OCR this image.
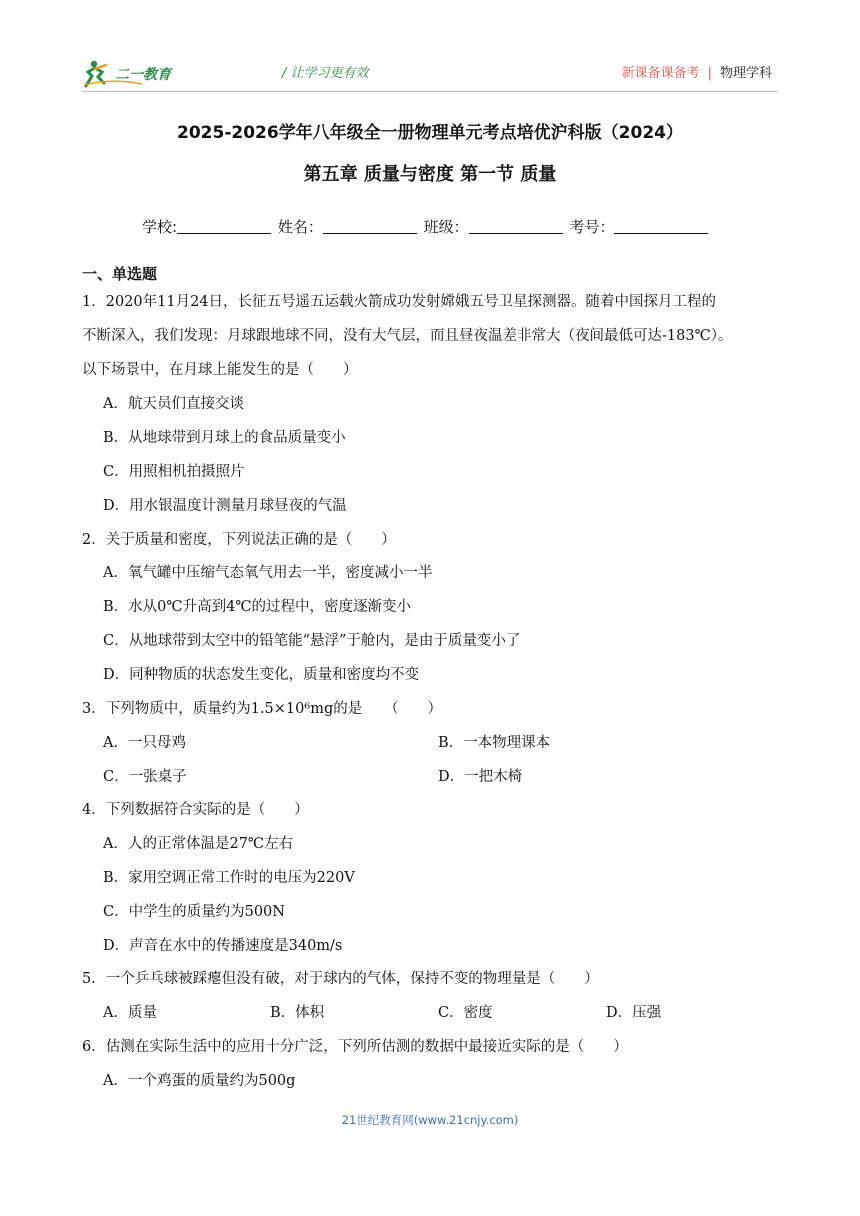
二一教育	/ 让学习更有效	新课备课备考 | 物理学科
2025-2026学年八年级全一册物理单元考点培优沪科版（2024）
第五章 质量与密度 第一节 质量
学校:	姓名：	班级：	考号：
一、单选题
1．2020年11月24日，长征五号遥五运载火箭成功发射嫦娥五号卫星探测器。随着中国探月工程的
不断深入，我们发现：月球跟地球不同，没有大气层，而且昼夜温差非常大（夜间最低可达-183℃）。
以下场景中，在月球上能发生的是（　　）
A．航天员们直接交谈
B．从地球带到月球上的食品质量变小
C．用照相机拍摄照片
D．用水银温度计测量月球昼夜的气温
2．关于质量和密度，下列说法正确的是（　　）
A．氧气罐中压缩气态氧气用去一半，密度减小一半
B．水从0℃升高到4℃的过程中，密度逐渐变小
C．从地球带到太空中的铅笔能“悬浮”于舱内，是由于质量变小了
D．同种物质的状态发生变化，质量和密度均不变
3．下列物质中，质量约为1.5×10⁶mg的是　　（　　）
A．一只母鸡	B．一本物理课本
C．一张桌子	D．一把木椅
4．下列数据符合实际的是（　　）
A．人的正常体温是27℃左右
B．家用空调正常工作时的电压为220V
C．中学生的质量约为500N
D．声音在水中的传播速度是340m/s
5．一个乒乓球被踩瘪但没有破，对于球内的气体，保持不变的物理量是（　　）
A．质量	B．体积	C．密度	D．压强
6．估测在实际生活中的应用十分广泛，下列所估测的数据中最接近实际的是（　　）
A．一个鸡蛋的质量约为500g
21世纪教育网(www.21cnjy.com)
